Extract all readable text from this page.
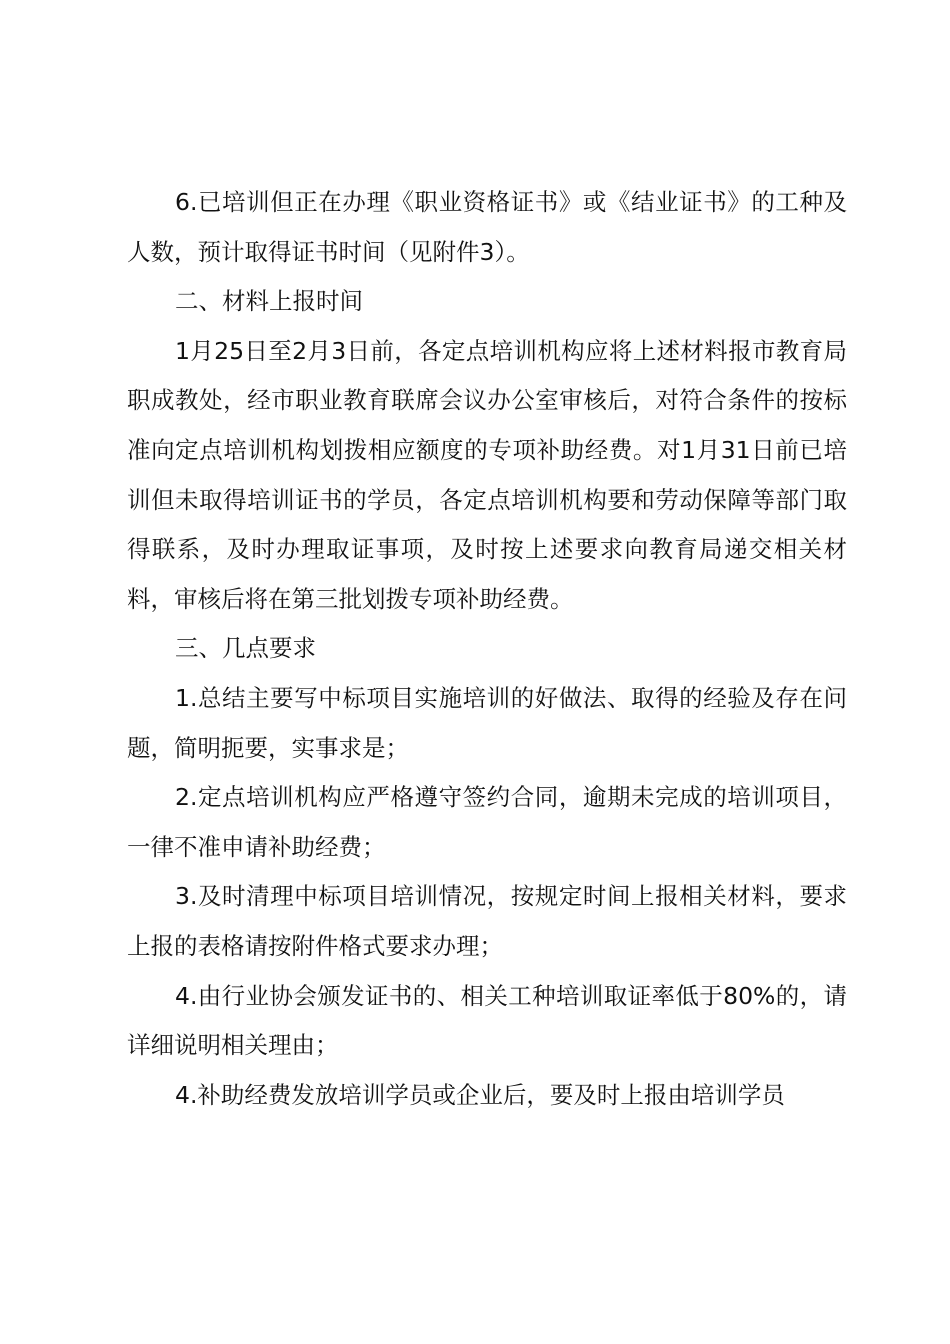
6.已培训但正在办理《职业资格证书》或《结业证书》的工种及人数，预计取得证书时间（见附件3）。

二、材料上报时间

1月25日至2月3日前，各定点培训机构应将上述材料报市教育局职成教处，经市职业教育联席会议办公室审核后，对符合条件的按标准向定点培训机构划拨相应额度的专项补助经费。对1月31日前已培训但未取得培训证书的学员，各定点培训机构要和劳动保障等部门取得联系，及时办理取证事项，及时按上述要求向教育局递交相关材料，审核后将在第三批划拨专项补助经费。

三、几点要求

1.总结主要写中标项目实施培训的好做法、取得的经验及存在问题，简明扼要，实事求是；

2.定点培训机构应严格遵守签约合同，逾期未完成的培训项目，一律不准申请补助经费；

3.及时清理中标项目培训情况，按规定时间上报相关材料，要求上报的表格请按附件格式要求办理；

4.由行业协会颁发证书的、相关工种培训取证率低于80%的，请详细说明相关理由；

4.补助经费发放培训学员或企业后，要及时上报由培训学员
